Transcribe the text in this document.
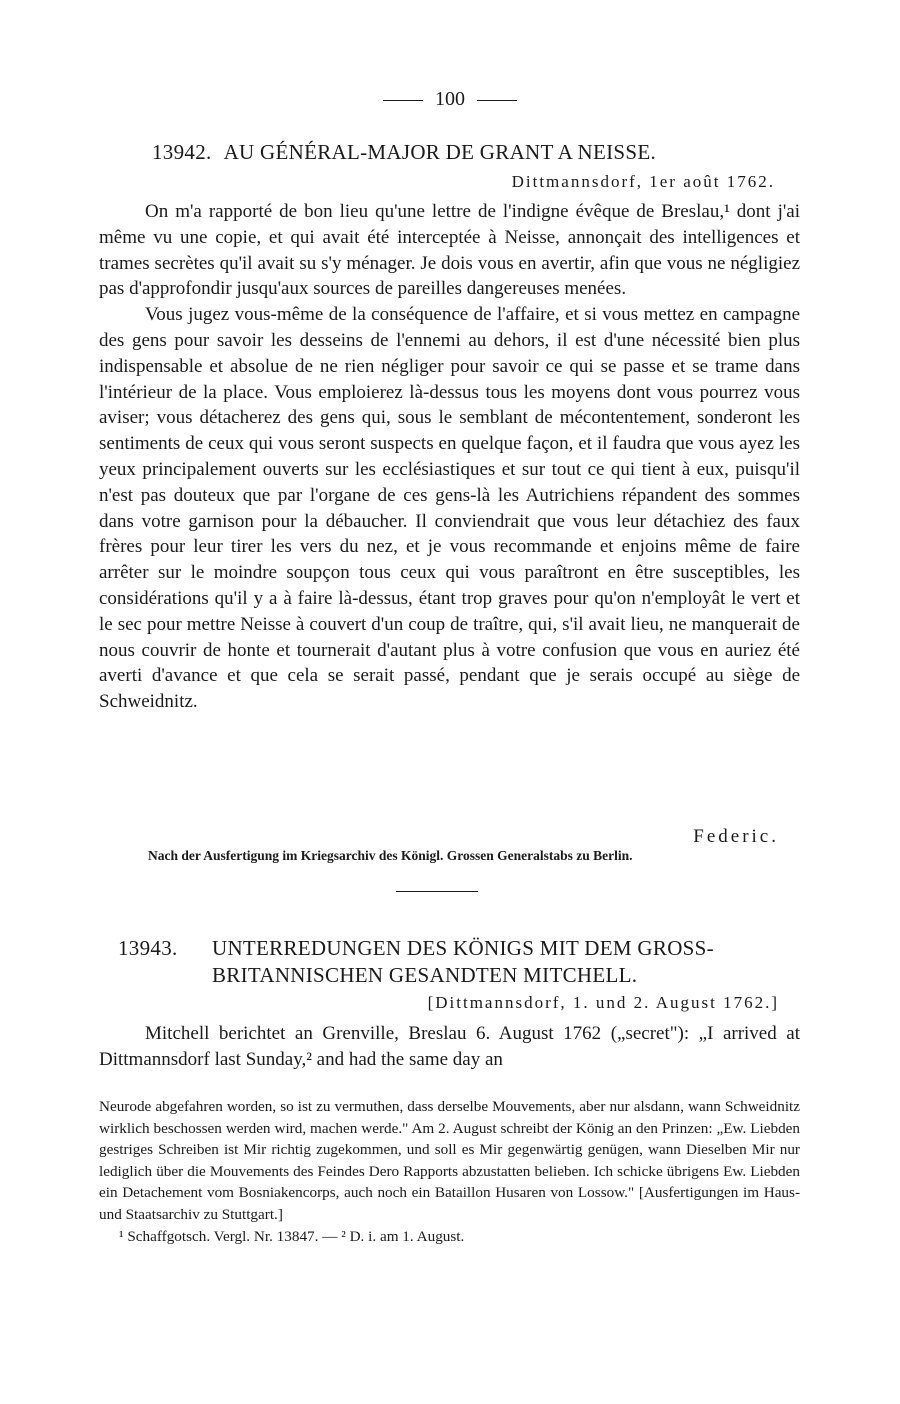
100
13942. AU GÉNÉRAL-MAJOR DE GRANT A NEISSE.
Dittmannsdorf, 1er août 1762.

On m'a rapporté de bon lieu qu'une lettre de l'indigne évêque de Breslau,¹ dont j'ai même vu une copie, et qui avait été interceptée à Neisse, annonçait des intelligences et trames secrètes qu'il avait su s'y ménager. Je dois vous en avertir, afin que vous ne négligiez pas d'approfondir jusqu'aux sources de pareilles dangereuses menées.

Vous jugez vous-même de la conséquence de l'affaire, et si vous mettez en campagne des gens pour savoir les desseins de l'ennemi au dehors, il est d'une nécessité bien plus indispensable et absolue de ne rien négliger pour savoir ce qui se passe et se trame dans l'intérieur de la place. Vous emploierez là-dessus tous les moyens dont vous pourrez vous aviser; vous détacherez des gens qui, sous le semblant de mécontentement, sonderont les sentiments de ceux qui vous seront suspects en quelque façon, et il faudra que vous ayez les yeux principalement ouverts sur les ecclésiastiques et sur tout ce qui tient à eux, puisqu'il n'est pas douteux que par l'organe de ces gens-là les Autrichiens répandent des sommes dans votre garnison pour la débaucher. Il conviendrait que vous leur détachiez des faux frères pour leur tirer les vers du nez, et je vous recommande et enjoins même de faire arrêter sur le moindre soupçon tous ceux qui vous paraîtront en être susceptibles, les considérations qu'il y a à faire là-dessus, étant trop graves pour qu'on n'employât le vert et le sec pour mettre Neisse à couvert d'un coup de traître, qui, s'il avait lieu, ne manquerait de nous couvrir de honte et tournerait d'autant plus à votre confusion que vous en auriez été averti d'avance et que cela se serait passé, pendant que je serais occupé au siège de Schweidnitz.

Federic.
Nach der Ausfertigung im Kriegsarchiv des Königl. Grossen Generalstabs zu Berlin.
13943. UNTERREDUNGEN DES KÖNIGS MIT DEM GROSS-
BRITANNISCHEN GESANDTEN MITCHELL.
[Dittmannsdorf, 1. und 2. August 1762.]

Mitchell berichtet an Grenville, Breslau 6. August 1762 („secret"): „I arrived at Dittmannsdorf last Sunday,² and had the same day an

Neurode abgefahren worden, so ist zu vermuthen, dass derselbe Mouvements, aber nur alsdann, wann Schweidnitz wirklich beschossen werden wird, machen werde." Am 2. August schreibt der König an den Prinzen: „Ew. Liebden gestriges Schreiben ist Mir richtig zugekommen, und soll es Mir gegenwärtig genügen, wann Dieselben Mir nur lediglich über die Mouvements des Feindes Dero Rapports abzustatten belieben. Ich schicke übrigens Ew. Liebden ein Detachement vom Bosniakencorps, auch noch ein Bataillon Husaren von Lossow." [Ausfertigungen im Haus- und Staatsarchiv zu Stuttgart.]

¹ Schaffgotsch. Vergl. Nr. 13847. — ² D. i. am 1. August.
